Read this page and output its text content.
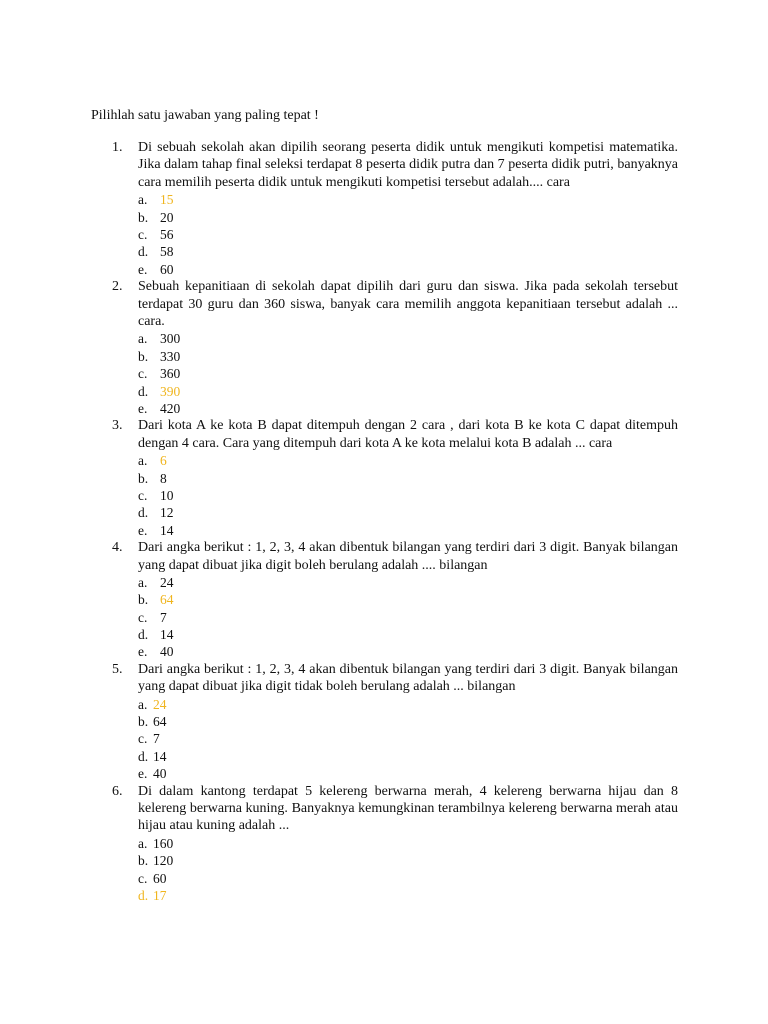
Pilihlah satu jawaban yang paling tepat !
1. Di sebuah sekolah akan dipilih seorang peserta didik untuk mengikuti kompetisi matematika. Jika dalam tahap final seleksi terdapat 8 peserta didik putra dan 7 peserta didik putri, banyaknya cara memilih peserta didik untuk mengikuti kompetisi tersebut adalah.... cara

a. 15
b. 20
c. 56
d. 58
e. 60
2. Sebuah kepanitiaan di sekolah dapat dipilih dari guru dan siswa. Jika pada sekolah tersebut terdapat 30 guru dan 360 siswa, banyak cara memilih anggota kepanitiaan tersebut adalah ... cara.

a. 300
b. 330
c. 360
d. 390
e. 420
3. Dari kota A ke kota B dapat ditempuh dengan 2 cara , dari kota B ke kota C dapat ditempuh dengan 4 cara. Cara yang ditempuh dari kota A ke kota melalui kota B adalah ... cara

a. 6
b. 8
c. 10
d. 12
e. 14
4. Dari angka berikut : 1, 2, 3, 4 akan dibentuk bilangan yang terdiri dari 3 digit. Banyak bilangan yang dapat dibuat jika digit boleh berulang adalah .... bilangan

a. 24
b. 64
c. 7
d. 14
e. 40
5. Dari angka berikut : 1, 2, 3, 4 akan dibentuk bilangan yang terdiri dari 3 digit. Banyak bilangan yang dapat dibuat jika digit tidak boleh berulang adalah ... bilangan

a. 24
b. 64
c. 7
d. 14
e. 40
6. Di dalam kantong terdapat 5 kelereng berwarna merah, 4 kelereng berwarna hijau dan 8 kelereng berwarna kuning. Banyaknya kemungkinan terambilnya kelereng berwarna merah atau hijau atau kuning adalah ...

a. 160
b. 120
c. 60
d. 17
